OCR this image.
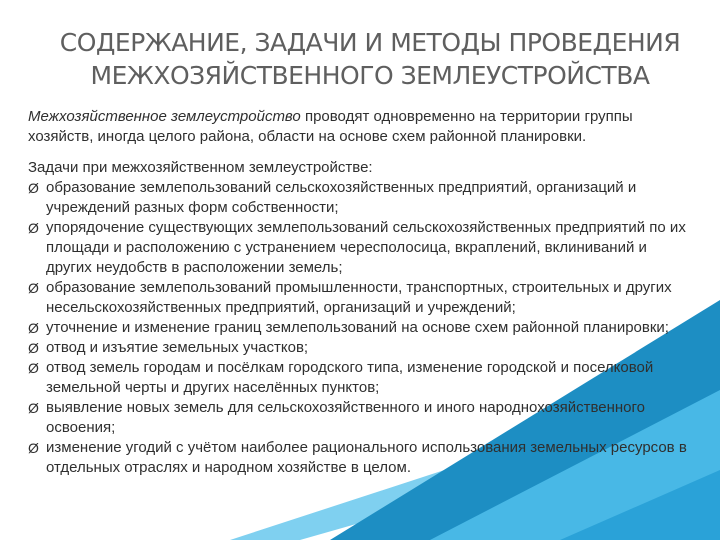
СОДЕРЖАНИЕ, ЗАДАЧИ И МЕТОДЫ ПРОВЕДЕНИЯ
МЕЖХОЗЯЙСТВЕННОГО ЗЕМЛЕУСТРОЙСТВА

Межхозяйственное землеустройство проводят одновременно на территории группы хозяйств, иногда целого района, области на основе схем районной планировки.

Задачи при межхозяйственном землеустройстве:

Ø образование землепользований сельскохозяйственных предприятий, организаций и учреждений разных форм собственности;
Ø упорядочение существующих землепользований сельскохозяйственных предприятий по их площади и расположению с устранением чересполосица, вкраплений, вклиниваний и других неудобств в расположении земель;
Ø образование землепользований промышленности, транспортных, строительных и других несельскохозяйственных предприятий, организаций и учреждений;
Ø уточнение и изменение границ землепользований на основе схем районной планировки;
Ø отвод и изъятие земельных участков;
Ø отвод земель городам и посёлкам городского типа, изменение городской и поселковой земельной черты и других населённых пунктов;
Ø выявление новых земель для сельскохозяйственного и иного народнохозяйственного освоения;
Ø изменение угодий с учётом наиболее рационального использования земельных ресурсов в отдельных отраслях и народном хозяйстве в целом.
